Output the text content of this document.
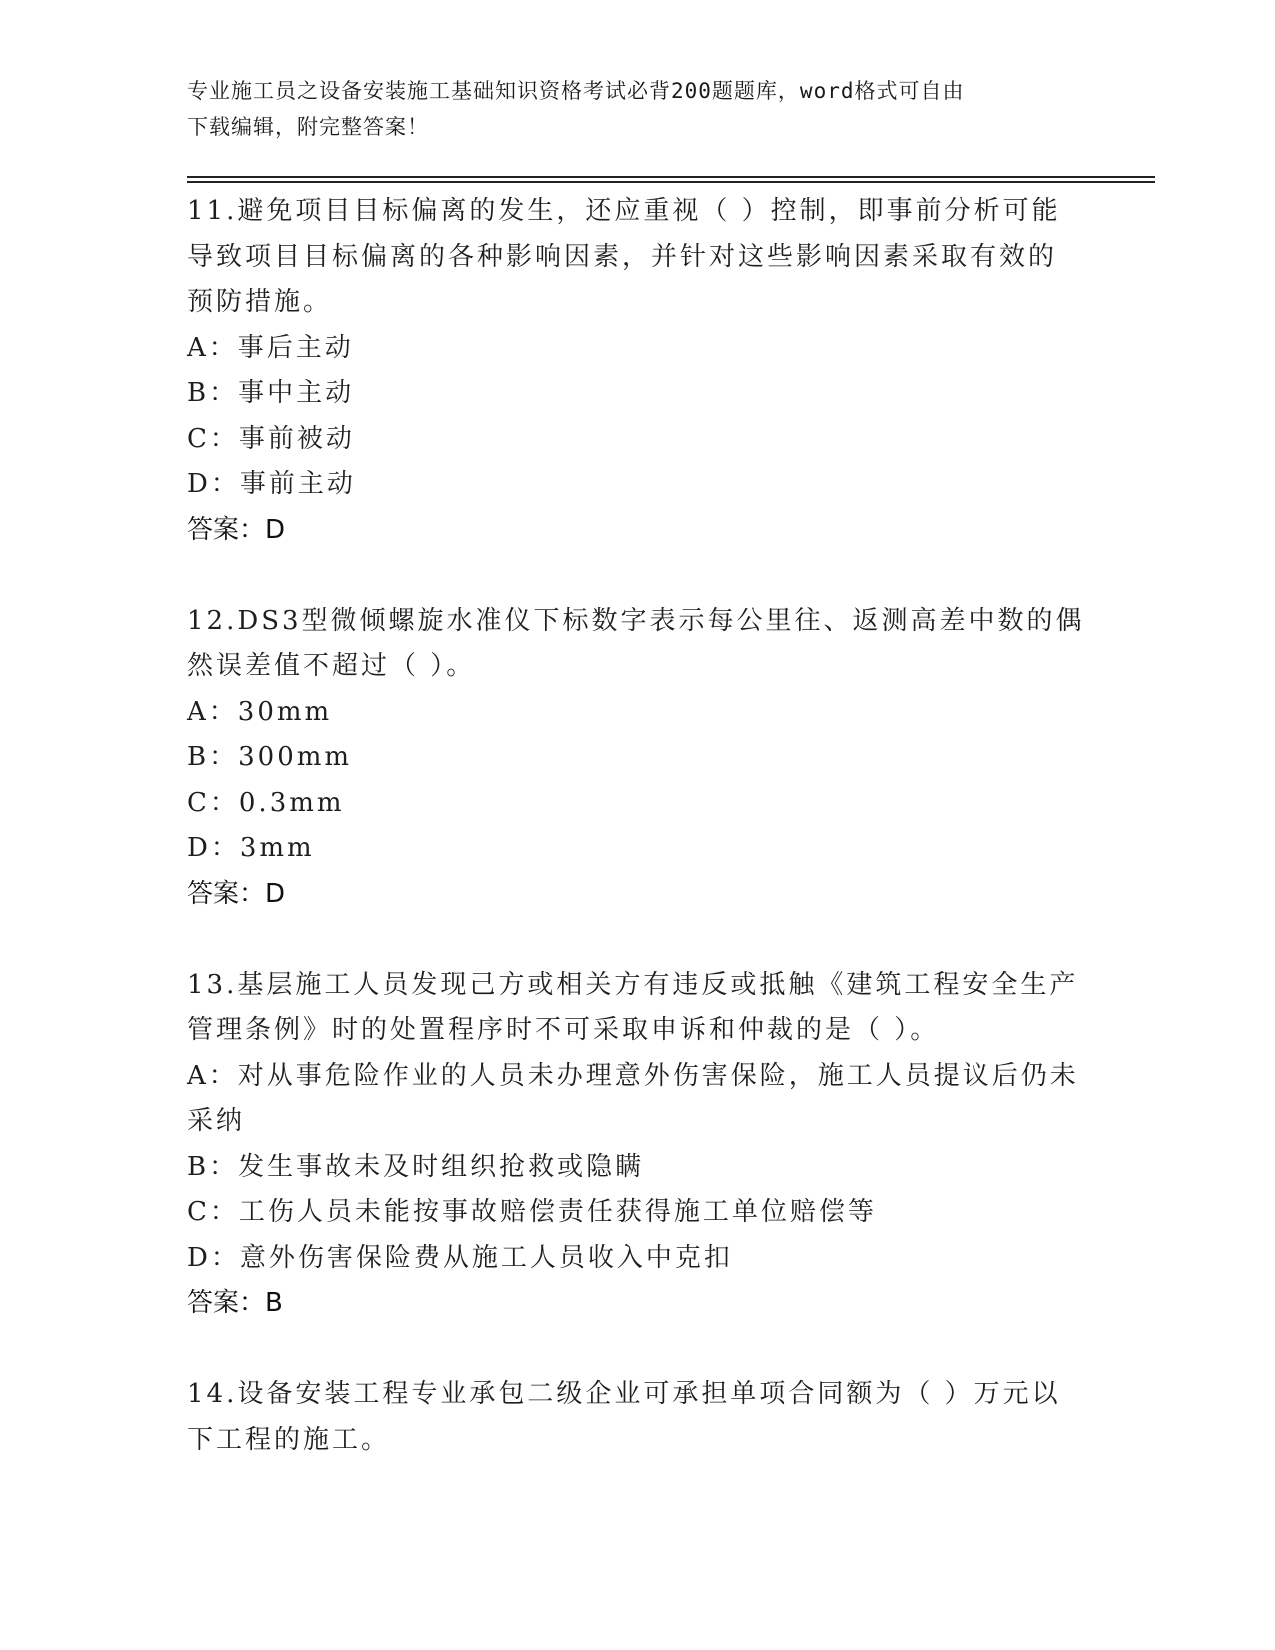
专业施工员之设备安装施工基础知识资格考试必背200题题库，word格式可自由
下载编辑，附完整答案！

11.避免项目目标偏离的发生，还应重视（ ）控制，即事前分析可能

导致项目目标偏离的各种影响因素，并针对这些影响因素采取有效的

预防措施。

A：事后主动

B：事中主动

C：事前被动

D：事前主动

答案：D

12.DS3型微倾螺旋水准仪下标数字表示每公里往、返测高差中数的偶

然误差值不超过（ ）。

A：30mm

B：300mm

C：0.3mm

D：3mm

答案：D

13.基层施工人员发现己方或相关方有违反或抵触《建筑工程安全生产

管理条例》时的处置程序时不可采取申诉和仲裁的是（ ）。

A：对从事危险作业的人员未办理意外伤害保险，施工人员提议后仍未

采纳

B：发生事故未及时组织抢救或隐瞒

C：工伤人员未能按事故赔偿责任获得施工单位赔偿等

D：意外伤害保险费从施工人员收入中克扣

答案：B

14.设备安装工程专业承包二级企业可承担单项合同额为（ ）万元以

下工程的施工。
